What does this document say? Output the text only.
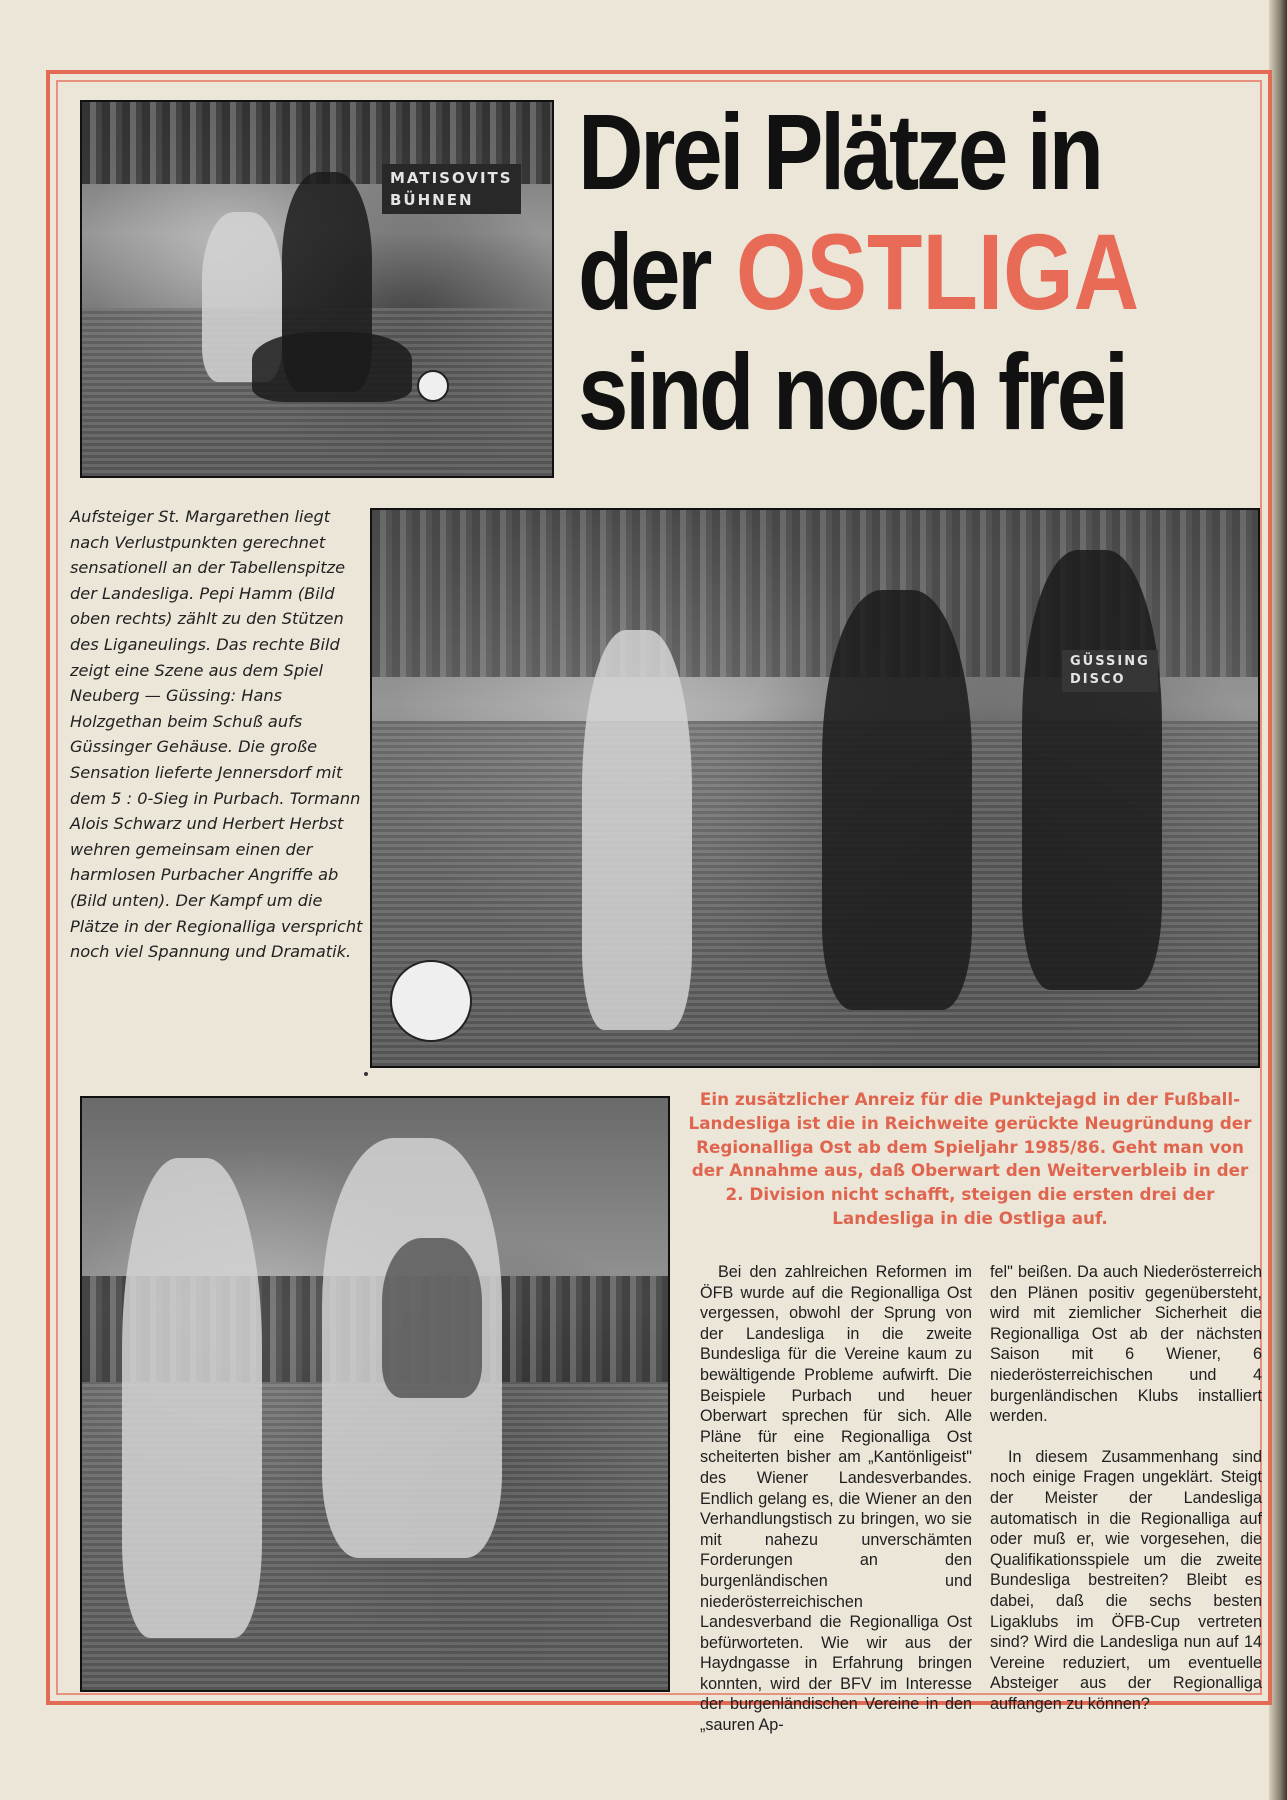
MATISOVITS
BÜHNEN Drei Plätze in
der OSTLIGA
sind noch frei
Aufsteiger St. Margarethen liegt nach Verlustpunkten gerechnet sensationell an der Tabellenspitze der Landesliga. Pepi Hamm (Bild oben rechts) zählt zu den Stützen des Liganeulings. Das rechte Bild zeigt eine Szene aus dem Spiel Neuberg — Güssing: Hans Holzgethan beim Schuß aufs Güssinger Gehäuse. Die große Sensation lieferte Jennersdorf mit dem 5 : 0-Sieg in Purbach. Tormann Alois Schwarz und Herbert Herbst wehren gemeinsam einen der harmlosen Purbacher Angriffe ab (Bild unten). Der Kampf um die Plätze in der Regionalliga verspricht noch viel Spannung und Dramatik.
GÜSSING
DISCO
Ein zusätzlicher Anreiz für die Punktejagd in der Fußball-Landesliga ist die in Reichweite gerückte Neugründung der Regionalliga Ost ab dem Spieljahr 1985/86. Geht man von der Annahme aus, daß Oberwart den Weiterverbleib in der 2. Division nicht schafft, steigen die ersten drei der Landesliga in die Ostliga auf.

Bei den zahlreichen Reformen im ÖFB wurde auf die Regionalliga Ost vergessen, obwohl der Sprung von der Landesliga in die zweite Bundesliga für die Vereine kaum zu bewältigende Probleme aufwirft. Die Beispiele Purbach und heuer Oberwart sprechen für sich. Alle Pläne für eine Regionalliga Ost scheiterten bisher am „Kantönligeist" des Wiener Landesverbandes. Endlich gelang es, die Wiener an den Verhandlungstisch zu bringen, wo sie mit nahezu unverschämten Forderungen an den burgenländischen und niederösterreichischen Landesverband die Regionalliga Ost befürworteten. Wie wir aus der Haydngasse in Erfahrung bringen konnten, wird der BFV im Interesse der burgenländischen Vereine in den „sauren Ap-

fel" beißen. Da auch Niederösterreich den Plänen positiv gegenübersteht, wird mit ziemlicher Sicherheit die Regionalliga Ost ab der nächsten Saison mit 6 Wiener, 6 niederösterreichischen und 4 burgenländischen Klubs installiert werden.

In diesem Zusammenhang sind noch einige Fragen ungeklärt. Steigt der Meister der Landesliga automatisch in die Regionalliga auf oder muß er, wie vorgesehen, die Qualifikationsspiele um die zweite Bundesliga bestreiten? Bleibt es dabei, daß die sechs besten Ligaklubs im ÖFB-Cup vertreten sind? Wird die Landesliga nun auf 14 Vereine reduziert, um eventuelle Absteiger aus der Regionalliga auffangen zu können?
